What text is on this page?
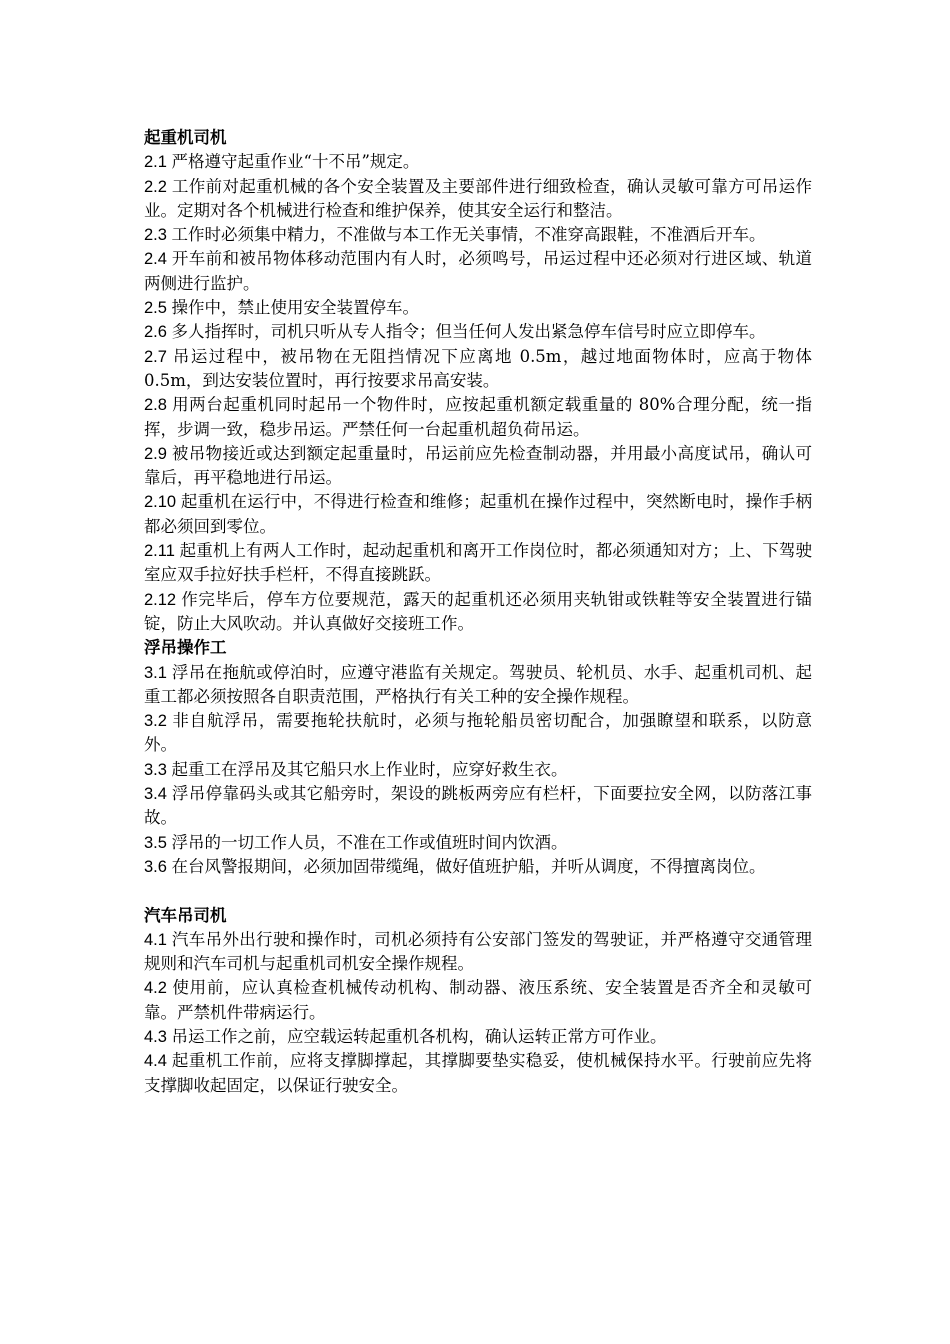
起重机司机
2.1 严格遵守起重作业“十不吊”规定。
2.2 工作前对起重机械的各个安全装置及主要部件进行细致检查，确认灵敏可靠方可吊运作业。定期对各个机械进行检查和维护保养，使其安全运行和整洁。
2.3 工作时必须集中精力，不准做与本工作无关事情，不准穿高跟鞋，不准酒后开车。
2.4 开车前和被吊物体移动范围内有人时，必须鸣号，吊运过程中还必须对行进区域、轨道两侧进行监护。
2.5 操作中，禁止使用安全装置停车。
2.6 多人指挥时，司机只听从专人指令；但当任何人发出紧急停车信号时应立即停车。
2.7 吊运过程中，被吊物在无阻挡情况下应离地 0.5m，越过地面物体时，应高于物体 0.5m，到达安装位置时，再行按要求吊高安装。
2.8 用两台起重机同时起吊一个物件时，应按起重机额定载重量的 80%合理分配，统一指挥，步调一致，稳步吊运。严禁任何一台起重机超负荷吊运。
2.9 被吊物接近或达到额定起重量时，吊运前应先检查制动器，并用最小高度试吊，确认可靠后，再平稳地进行吊运。
2.10 起重机在运行中，不得进行检查和维修；起重机在操作过程中，突然断电时，操作手柄都必须回到零位。
2.11 起重机上有两人工作时，起动起重机和离开工作岗位时，都必须通知对方；上、下驾驶室应双手拉好扶手栏杆，不得直接跳跃。
2.12 作完毕后，停车方位要规范，露天的起重机还必须用夹轨钳或铁鞋等安全装置进行锚锭，防止大风吹动。并认真做好交接班工作。
浮吊操作工
3.1 浮吊在拖航或停泊时，应遵守港监有关规定。驾驶员、轮机员、水手、起重机司机、起重工都必须按照各自职责范围，严格执行有关工种的安全操作规程。
3.2 非自航浮吊，需要拖轮扶航时，必须与拖轮船员密切配合，加强瞭望和联系，以防意外。
3.3 起重工在浮吊及其它船只水上作业时，应穿好救生衣。
3.4 浮吊停靠码头或其它船旁时，架设的跳板两旁应有栏杆，下面要拉安全网，以防落江事故。
3.5 浮吊的一切工作人员，不准在工作或值班时间内饮酒。
3.6 在台风警报期间，必须加固带缆绳，做好值班护船，并听从调度，不得擅离岗位。
汽车吊司机
4.1 汽车吊外出行驶和操作时，司机必须持有公安部门签发的驾驶证，并严格遵守交通管理规则和汽车司机与起重机司机安全操作规程。
4.2 使用前，应认真检查机械传动机构、制动器、液压系统、安全装置是否齐全和灵敏可靠。严禁机件带病运行。
4.3 吊运工作之前，应空载运转起重机各机构，确认运转正常方可作业。
4.4 起重机工作前，应将支撑脚撑起，其撑脚要垫实稳妥，使机械保持水平。行驶前应先将支撑脚收起固定，以保证行驶安全。
